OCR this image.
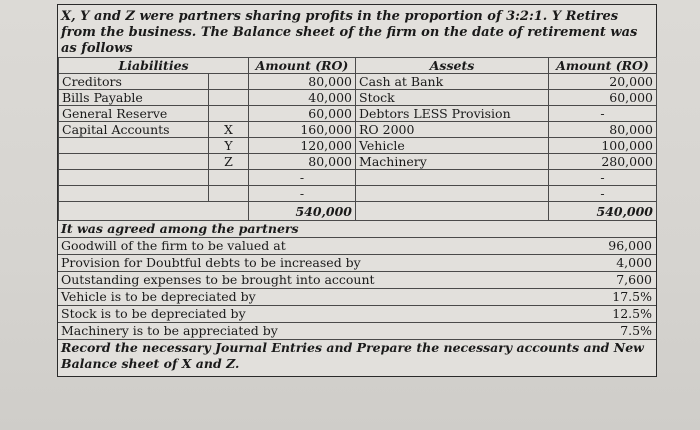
X, Y and Z were partners sharing profits in the proportion of 3:2:1. Y Retires from the business. The Balance sheet of the firm on the date of retirement was as follows
Liabilities		Amount (RO)	Assets	Amount (RO)
Creditors		80,000	Cash at Bank	20,000
Bills Payable		40,000	Stock	60,000
General Reserve		60,000	Debtors LESS Provision	-
Capital Accounts	X	160,000	RO 2000	80,000
	Y	120,000	Vehicle	100,000
	Z	80,000	Machinery	280,000
		-		-
		-		-
		540,000		540,000
It was agreed among the partners
Goodwill of the firm to be valued at	96,000
Provision for Doubtful debts to be increased by	4,000
Outstanding expenses to be brought into account	7,600
Vehicle is to be depreciated by	17.5%
Stock is to be depreciated by	12.5%
Machinery is to be appreciated by	7.5%
Record the necessary Journal Entries and Prepare the necessary accounts and New Balance sheet of X and Z.
